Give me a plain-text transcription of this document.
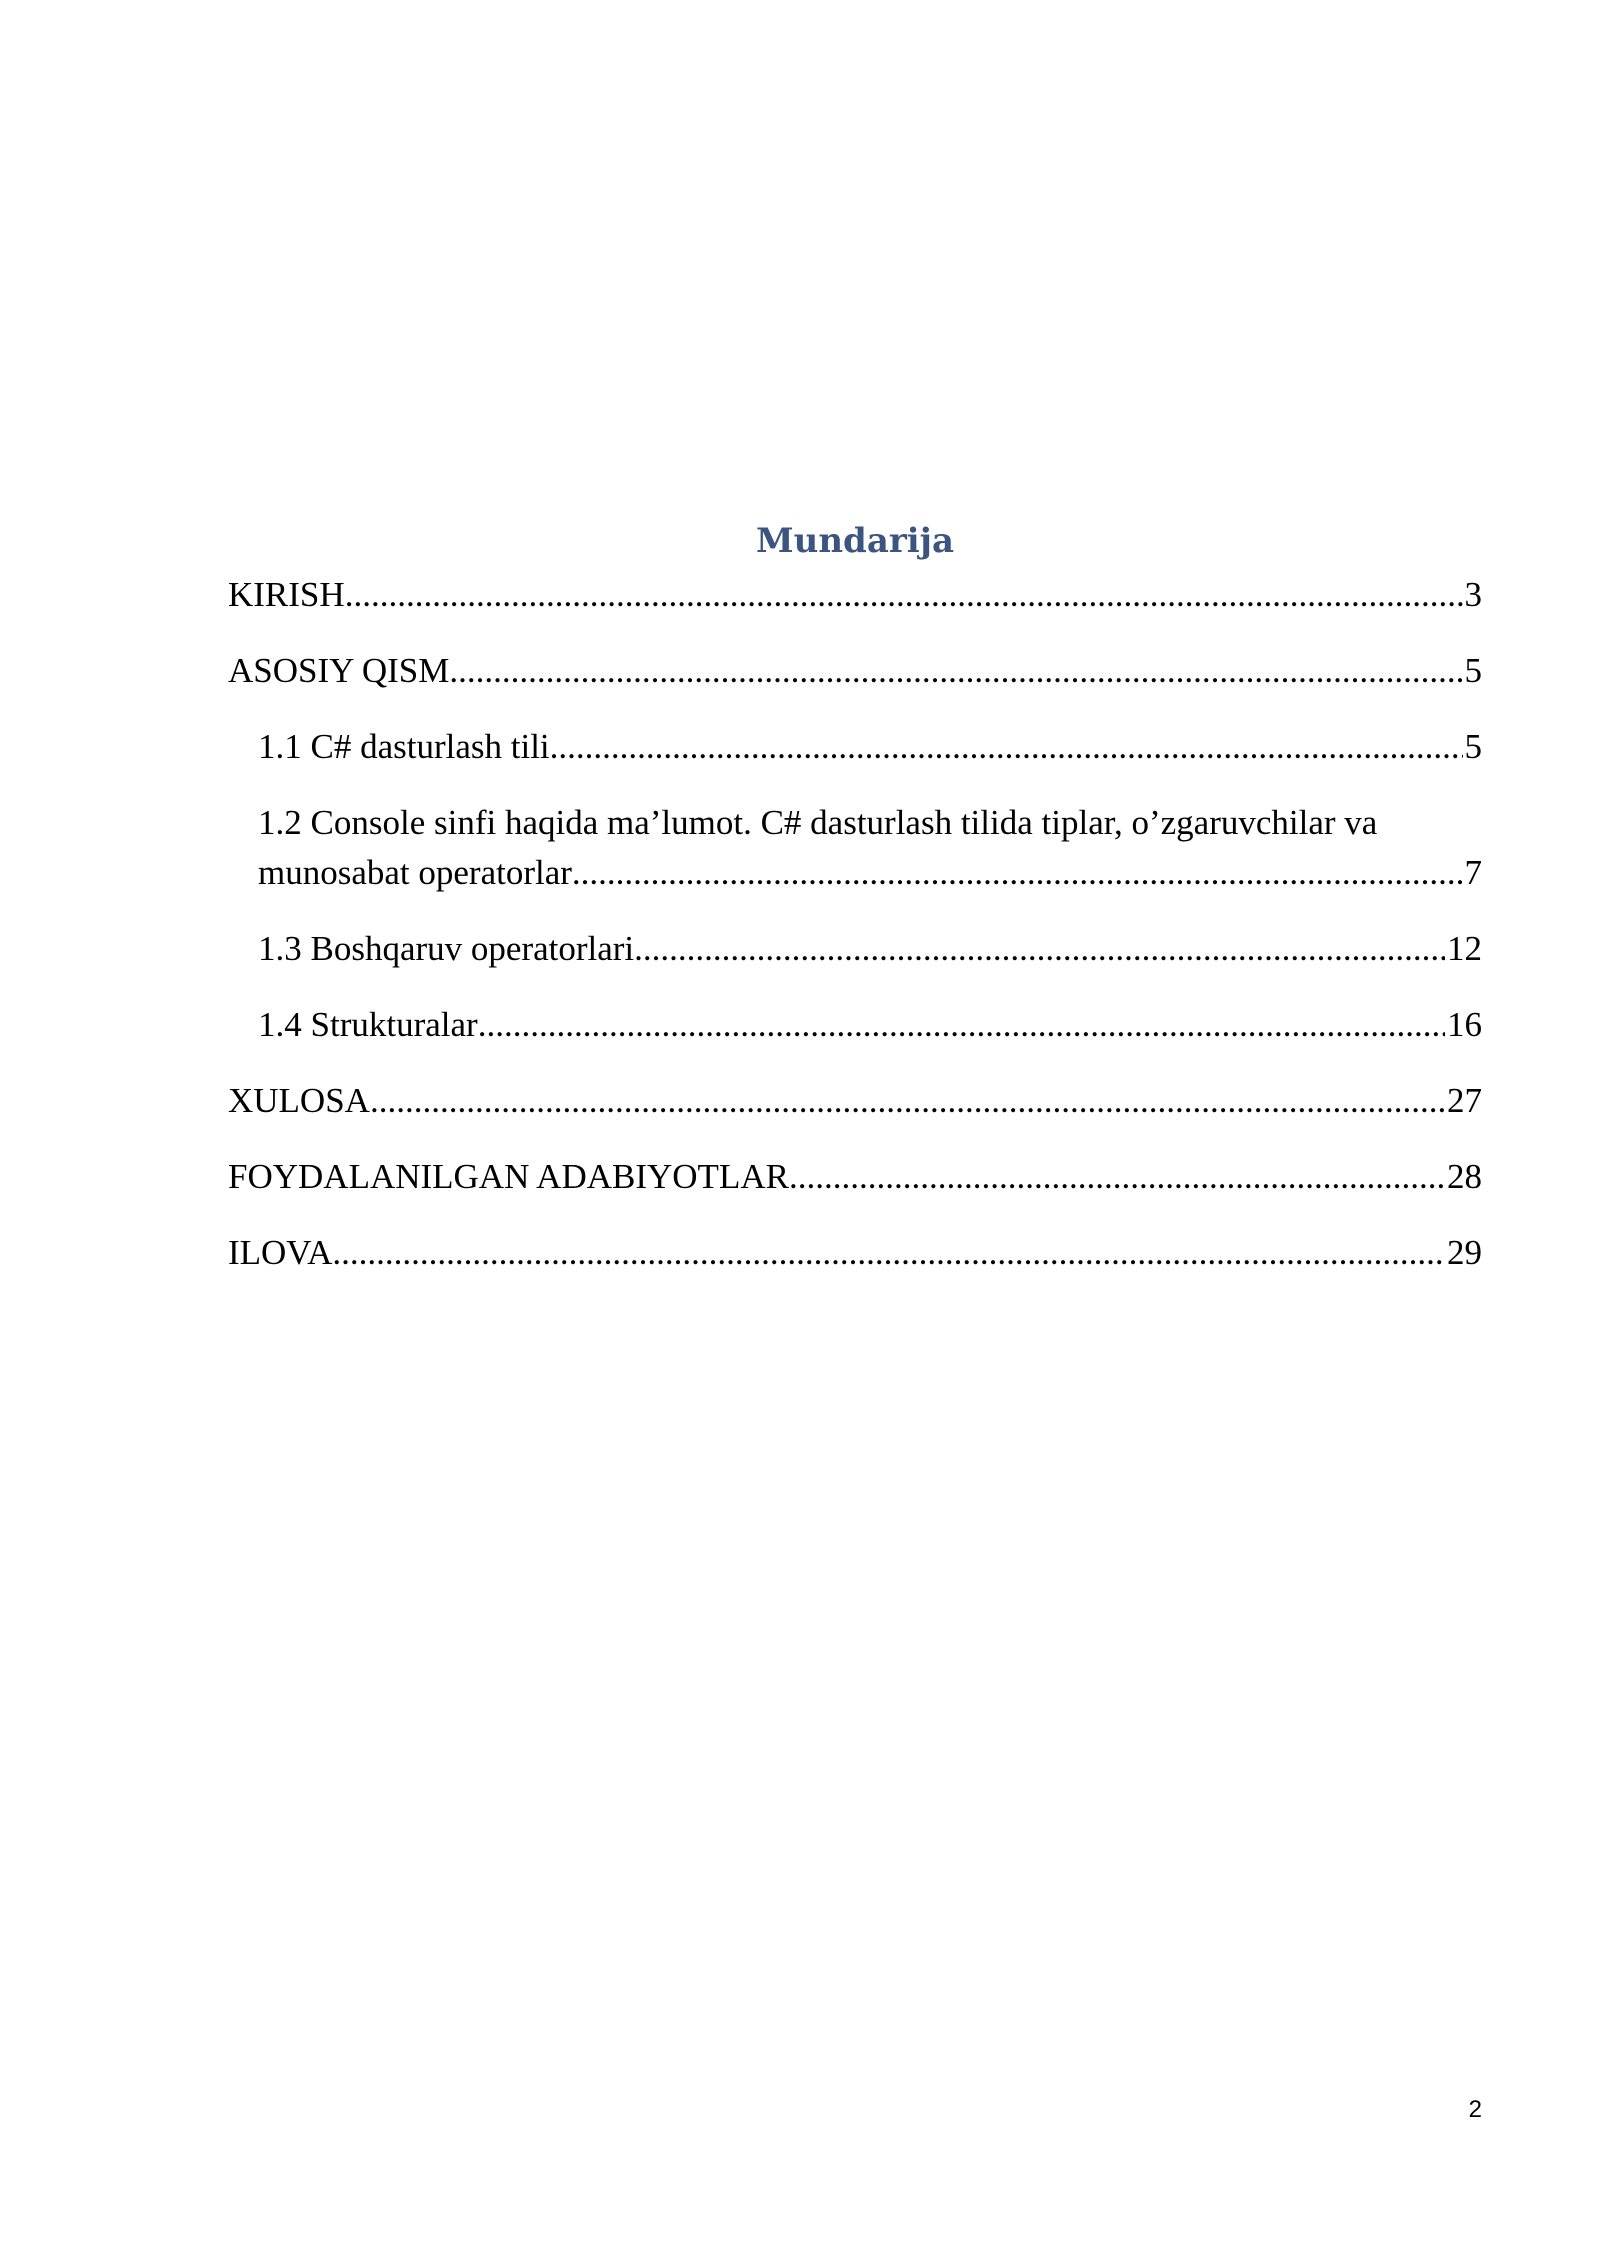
Mundarija
KIRISH .....	3
ASOSIY QISM .....	5
1.1 C# dasturlash tili .....	5
1.2 Console sinfi haqida ma’lumot. C# dasturlash tilida tiplar, o’zgaruvchilar va
munosabat operatorlar .....	7
1.3 Boshqaruv operatorlari .....	12
1.4 Strukturalar .....	16
XULOSA .....	27
FOYDALANILGAN ADABIYOTLAR .....	28
ILOVA .....	29
2
